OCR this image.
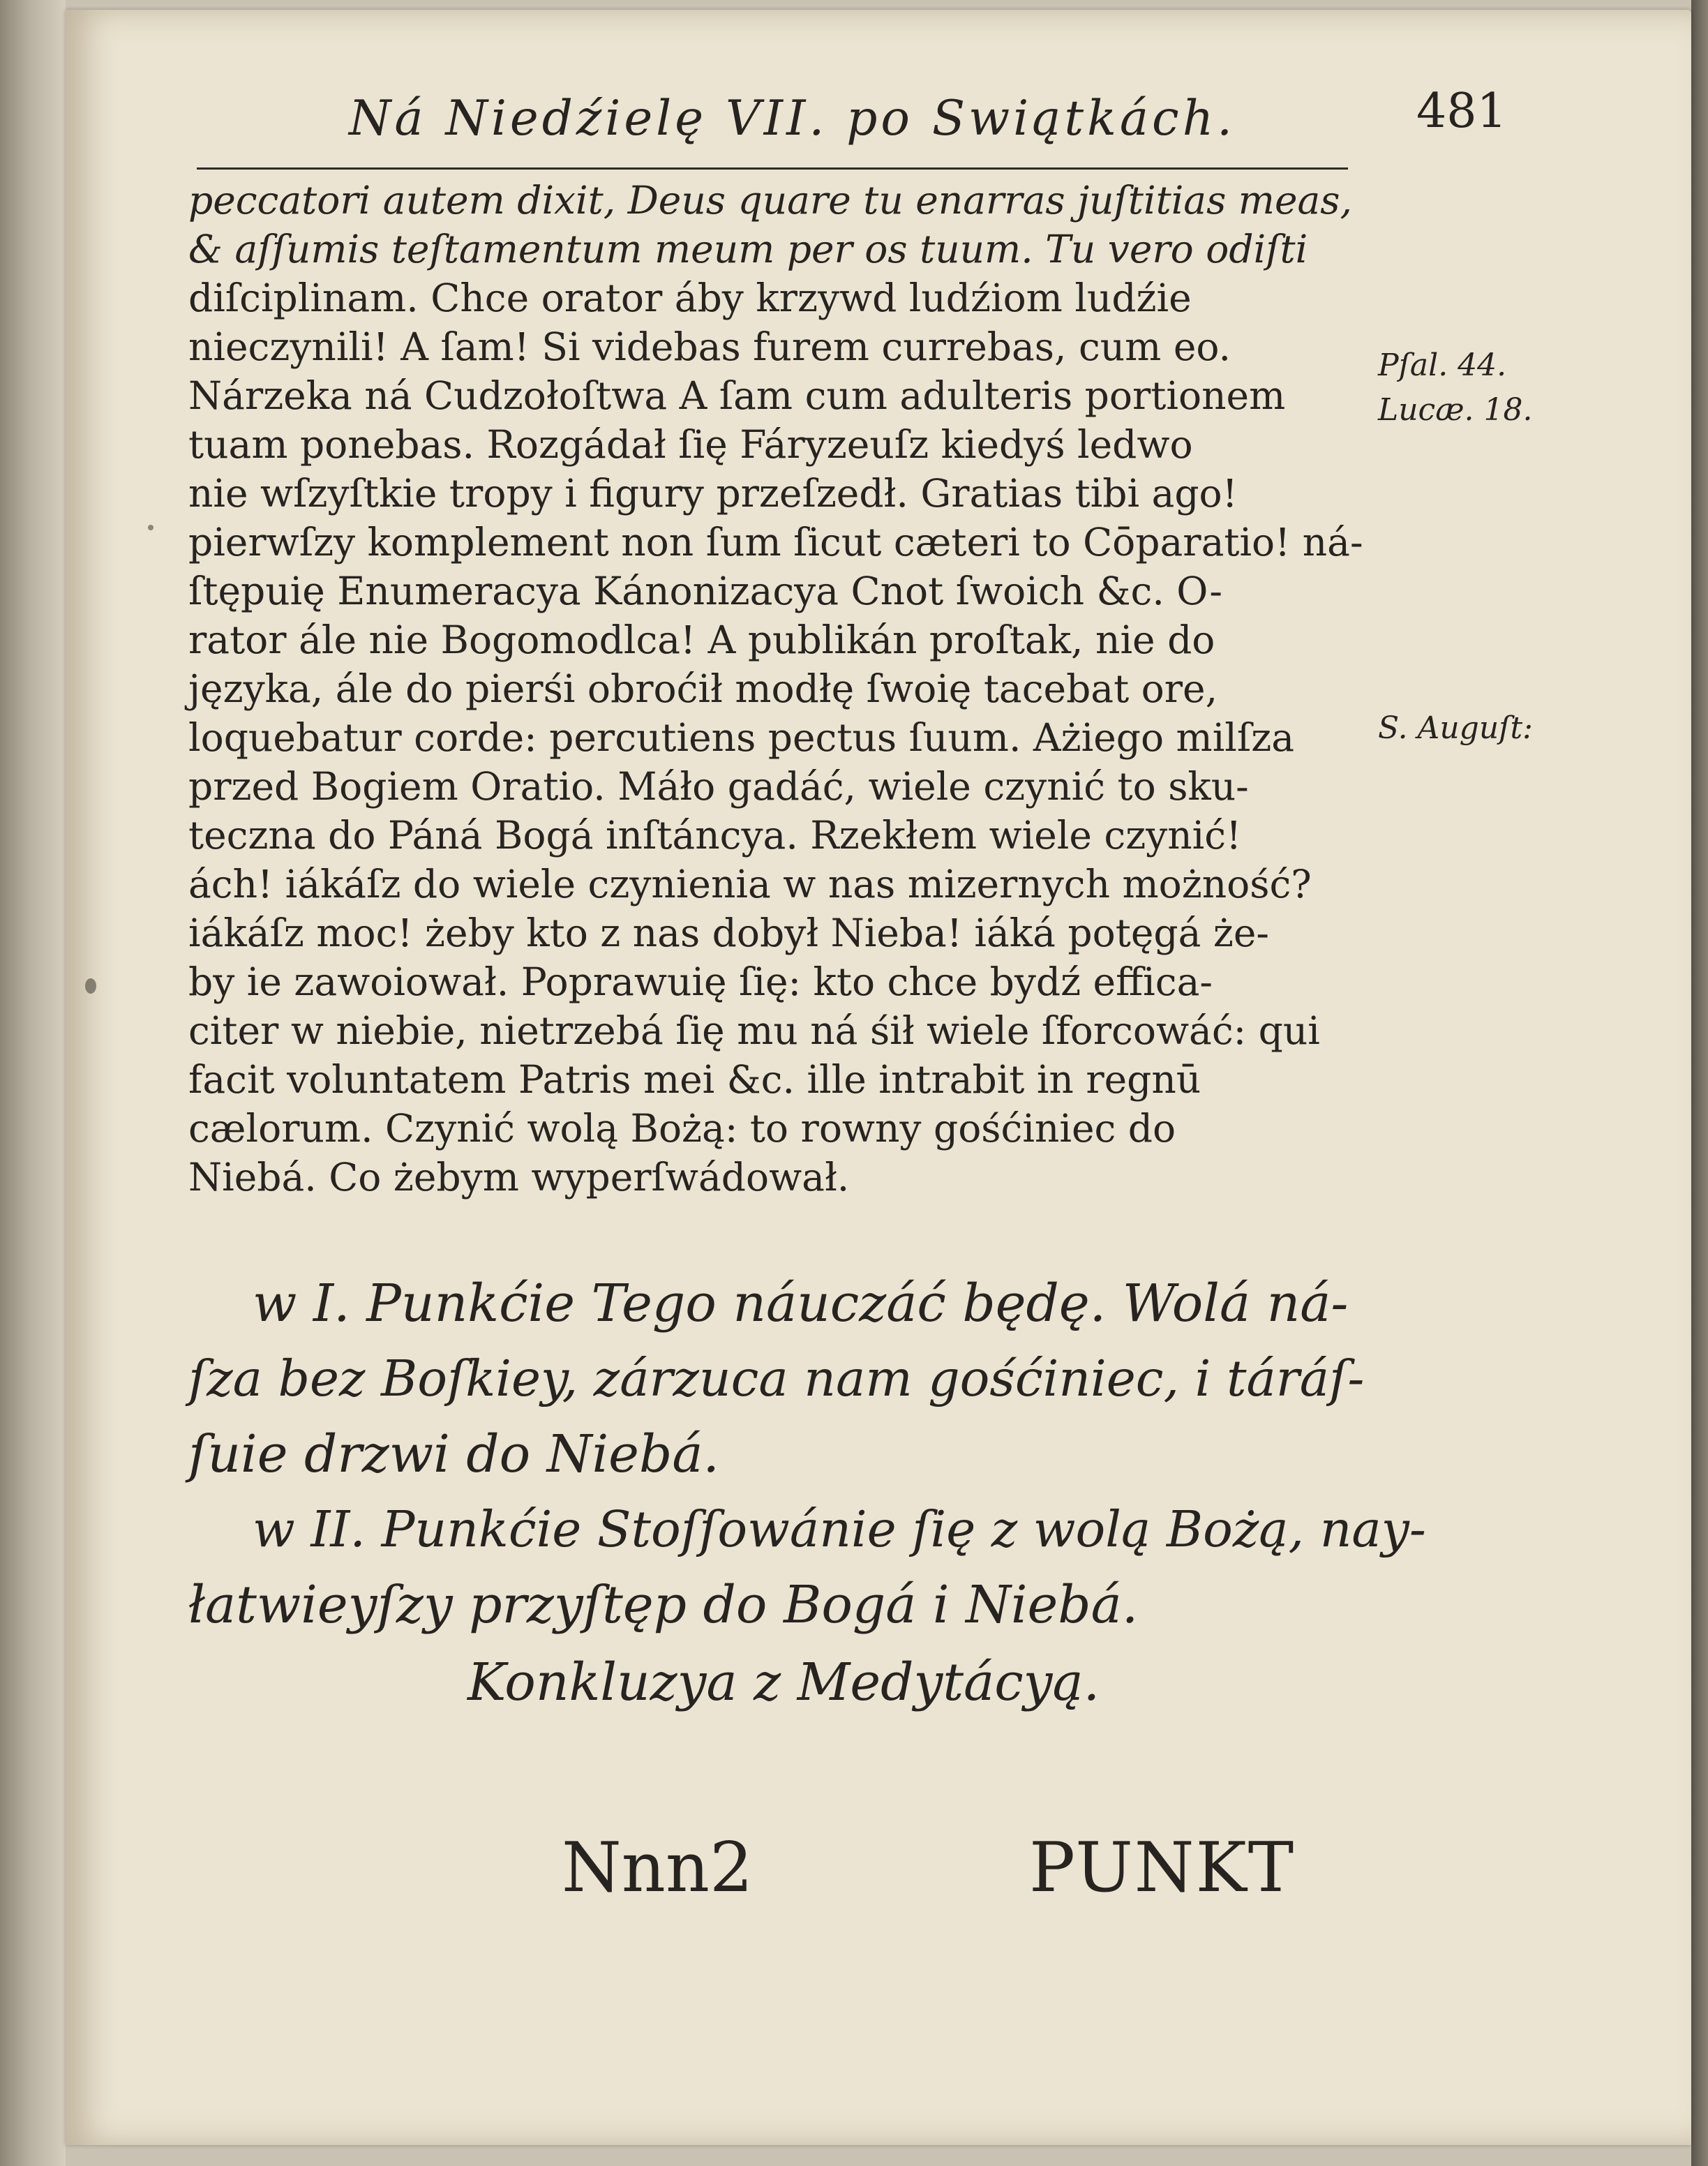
Ná Niedźielę VII. po Swiątkách.	481
peccatori autem dixit, Deus quare tu enarras juſtitias meas,
& aſſumis teſtamentum meum per os tuum. Tu vero odiſti
diſciplinam. Chce orator áby krzywd ludźiom ludźie
nieczynili! A ſam! Si videbas furem currebas, cum eo.
Nárzeka ná Cudzołoſtwa A ſam cum adulteris portionem
tuam ponebas. Rozgádał ſię Fáryzeuſz kiedyś ledwo
nie wſzyſtkie tropy i figury przeſzedł. Gratias tibi ago!
pierwſzy komplement non ſum ſicut cæteri to Cōparatio! ná-
ſtępuię Enumeracya Kánonizacya Cnot ſwoich &c. O-
rator ále nie Bogomodlca! A publikán proſtak, nie do
języka, ále do pierśi obroćił modłę ſwoię tacebat ore,
loquebatur corde: percutiens pectus ſuum. Ażiego milſza
przed Bogiem Oratio. Máło gadáć, wiele czynić to sku-
teczna do Páná Bogá inſtáncya. Rzekłem wiele czynić!
ách! iákáſz do wiele czynienia w nas mizernych możność?
iákáſz moc! żeby kto z nas dobył Nieba! iáká potęgá że-
by ie zawoiował. Poprawuię ſię: kto chce bydź effica-
citer w niebie, nietrzebá ſię mu ná śił wiele ſforcowáć: qui
facit voluntatem Patris mei &c. ille intrabit in regnū
cælorum. Czynić wolą Bożą: to rowny gośćiniec do
Niebá. Co żebym wyperſwádował.
Pſal. 44.
Lucæ. 18.
S. Auguſt:
w I. Punkćie Tego náuczáć będę. Wolá ná-
ſza bez Boſkiey, zárzuca nam gośćiniec, i táráſ-
ſuie drzwi do Niebá.
w II. Punkćie Stoſſowánie ſię z wolą Bożą, nay-
łatwieyſzy przyſtęp do Bogá i Niebá.
Konkluzya z Medytácyą.
Nnn2	PUNKT
